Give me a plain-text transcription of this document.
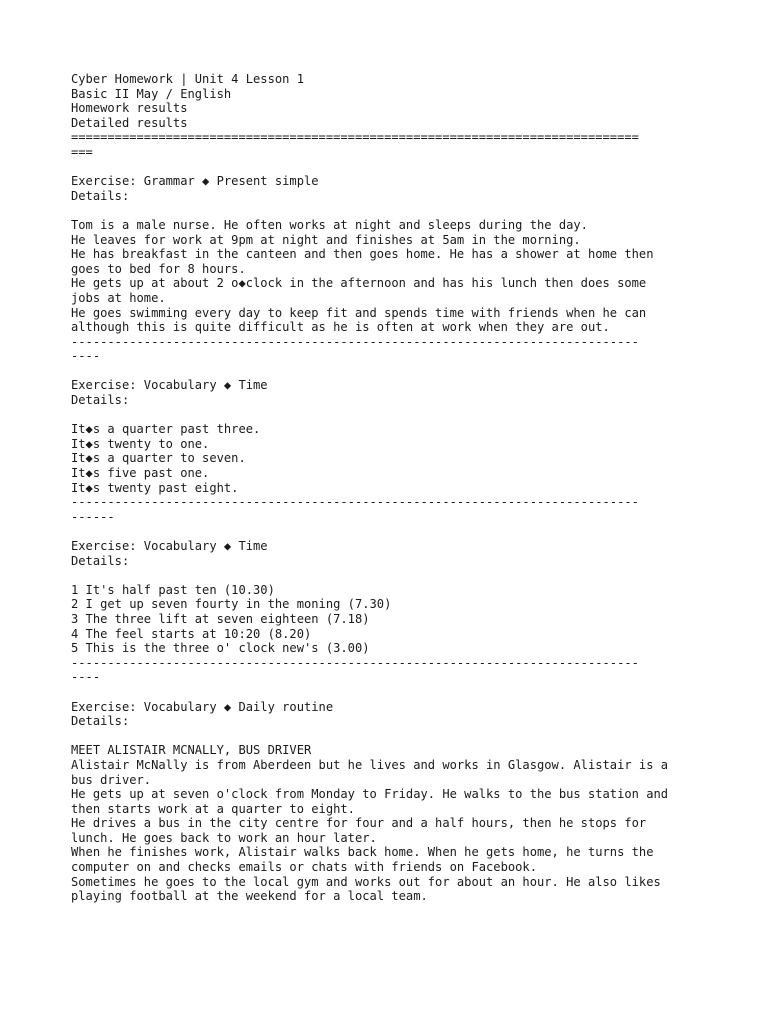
Cyber Homework | Unit 4 Lesson 1
Basic II May / English
Homework results
Detailed results
==============================================================================
===
Exercise: Grammar ◆ Present simple
Details:
Tom is a male nurse. He often works at night and sleeps during the day.
He leaves for work at 9pm at night and finishes at 5am in the morning.
He has breakfast in the canteen and then goes home. He has a shower at home then
goes to bed for 8 hours.
He gets up at about 2 o◆clock in the afternoon and has his lunch then does some
jobs at home.
He goes swimming every day to keep fit and spends time with friends when he can
although this is quite difficult as he is often at work when they are out.
------------------------------------------------------------------------------
----
Exercise: Vocabulary ◆ Time
Details:
It◆s a quarter past three.
It◆s twenty to one.
It◆s a quarter to seven.
It◆s five past one.
It◆s twenty past eight.
------------------------------------------------------------------------------
------
Exercise: Vocabulary ◆ Time
Details:
1 It's half past ten (10.30)
2 I get up seven fourty in the moning (7.30)
3 The three lift at seven eighteen (7.18)
4 The feel starts at 10:20 (8.20)
5 This is the three o' clock new's (3.00)
------------------------------------------------------------------------------
----
Exercise: Vocabulary ◆ Daily routine
Details:
MEET ALISTAIR MCNALLY, BUS DRIVER
Alistair McNally is from Aberdeen but he lives and works in Glasgow. Alistair is a
bus driver.
He gets up at seven o'clock from Monday to Friday. He walks to the bus station and
then starts work at a quarter to eight.
He drives a bus in the city centre for four and a half hours, then he stops for
lunch. He goes back to work an hour later.
When he finishes work, Alistair walks back home. When he gets home, he turns the
computer on and checks emails or chats with friends on Facebook.
Sometimes he goes to the local gym and works out for about an hour. He also likes
playing football at the weekend for a local team.
